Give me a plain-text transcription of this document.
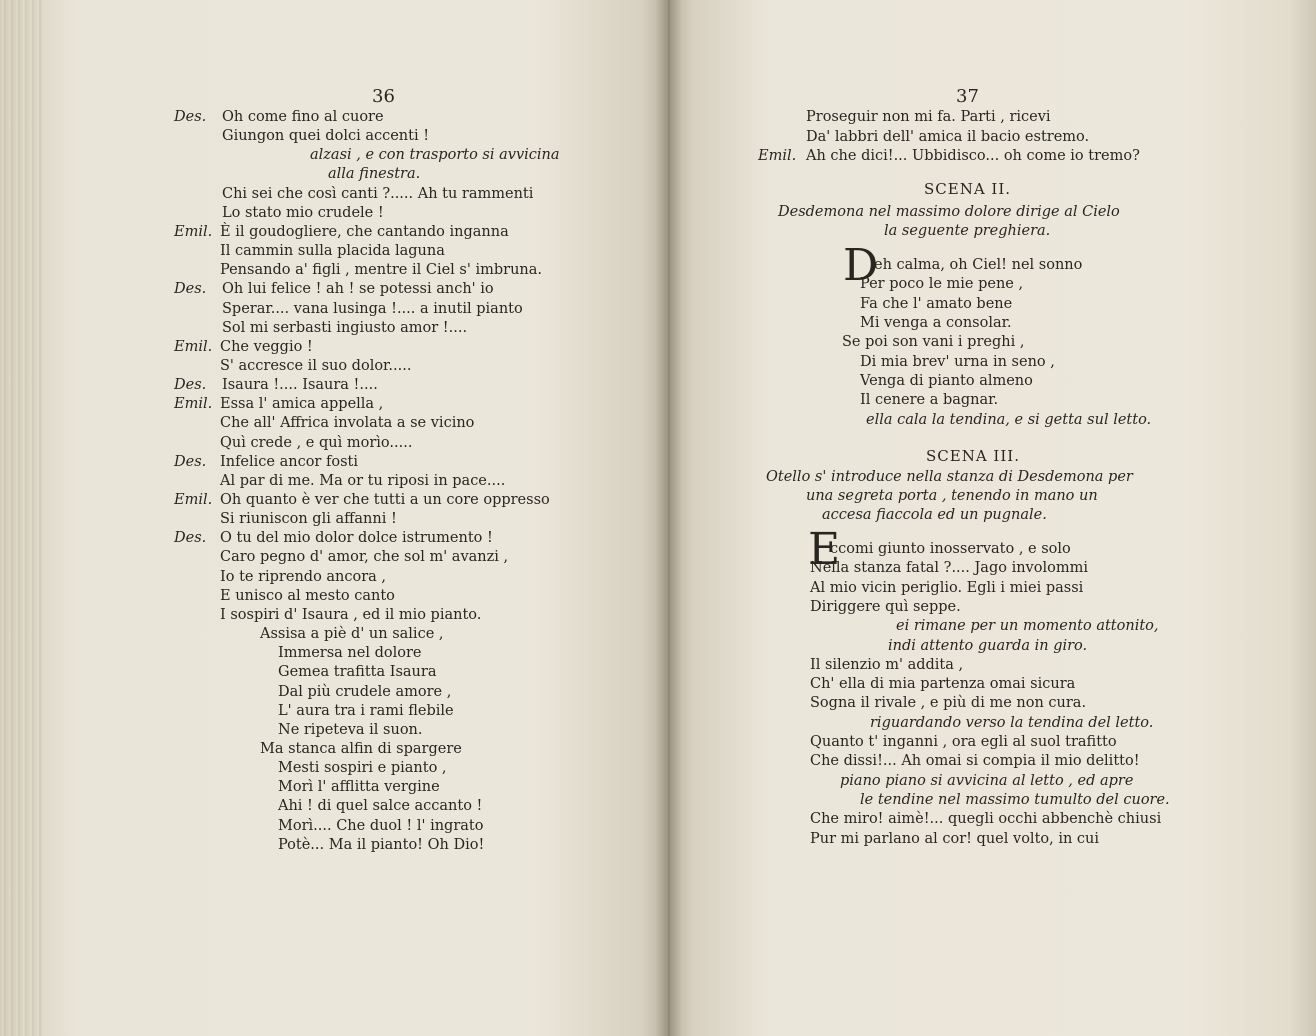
36
Des. Oh come fino al cuore
Giungon quei dolci accenti !
alzasi , e con trasporto si avvicina
alla finestra.
Chi sei che così canti ?..... Ah tu rammenti
Lo stato mio crudele !
Emil. È il goudogliere, che cantando inganna
Il cammin sulla placida laguna
Pensando a' figli , mentre il Ciel s' imbruna.
Des. Oh lui felice ! ah ! se potessi anch' io
Sperar.... vana lusinga !.... a inutil pianto
Sol mi serbasti ingiusto amor !....
Emil. Che veggio !
S' accresce il suo dolor.....
Des. Isaura !.... Isaura !....
Emil. Essa l' amica appella ,
Che all' Affrica involata a se vicino
Quì crede , e quì morìo.....
Des. Infelice ancor fosti
Al par di me. Ma or tu riposi in pace....
Emil. Oh quanto è ver che tutti a un core oppresso
Si riuniscon gli affanni !
Des. O tu del mio dolor dolce istrumento !
Caro pegno d' amor, che sol m' avanzi ,
Io te riprendo ancora ,
E unisco al mesto canto
I sospiri d' Isaura , ed il mio pianto.
Assisa a piè d' un salice ,
Immersa nel dolore
Gemea trafitta Isaura
Dal più crudele amore ,
L' aura tra i rami flebile
Ne ripeteva il suon.
Ma stanca alfin di spargere
Mesti sospiri e pianto ,
Morì l' afflitta vergine
Ahi ! di quel salce accanto !
Morì.... Che duol ! l' ingrato
Potè... Ma il pianto! Oh Dio!
37
Proseguir non mi fa. Parti , ricevi
Da' labbri dell' amica il bacio estremo.
Emil. Ah che dici!... Ubbidisco... oh come io tremo?
SCENA II.
Desdemona nel massimo dolore dirige al Cielo
la seguente preghiera.
D
eh calma, oh Ciel! nel sonno
Per poco le mie pene ,
Fa che l' amato bene
Mi venga a consolar.
Se poi son vani i preghi ,
Di mia brev' urna in seno ,
Venga di pianto almeno
Il cenere a bagnar.
ella cala la tendina, e si getta sul letto.
SCENA III.
Otello s' introduce nella stanza di Desdemona per
una segreta porta , tenendo in mano un
accesa fiaccola ed un pugnale.
E
ccomi giunto inosservato , e solo
Nella stanza fatal ?.... Jago involommi
Al mio vicin periglio. Egli i miei passi
Diriggere quì seppe.
ei rimane per un momento attonito,
indi attento guarda in giro.
Il silenzio m' addita ,
Ch' ella di mia partenza omai sicura
Sogna il rivale , e più di me non cura.
riguardando verso la tendina del letto.
Quanto t' inganni , ora egli al suol trafitto
Che dissi!... Ah omai si compia il mio delitto!
piano piano si avvicina al letto , ed apre
le tendine nel massimo tumulto del cuore.
Che miro! aimè!... quegli occhi abbenchè chiusi
Pur mi parlano al cor! quel volto, in cui
